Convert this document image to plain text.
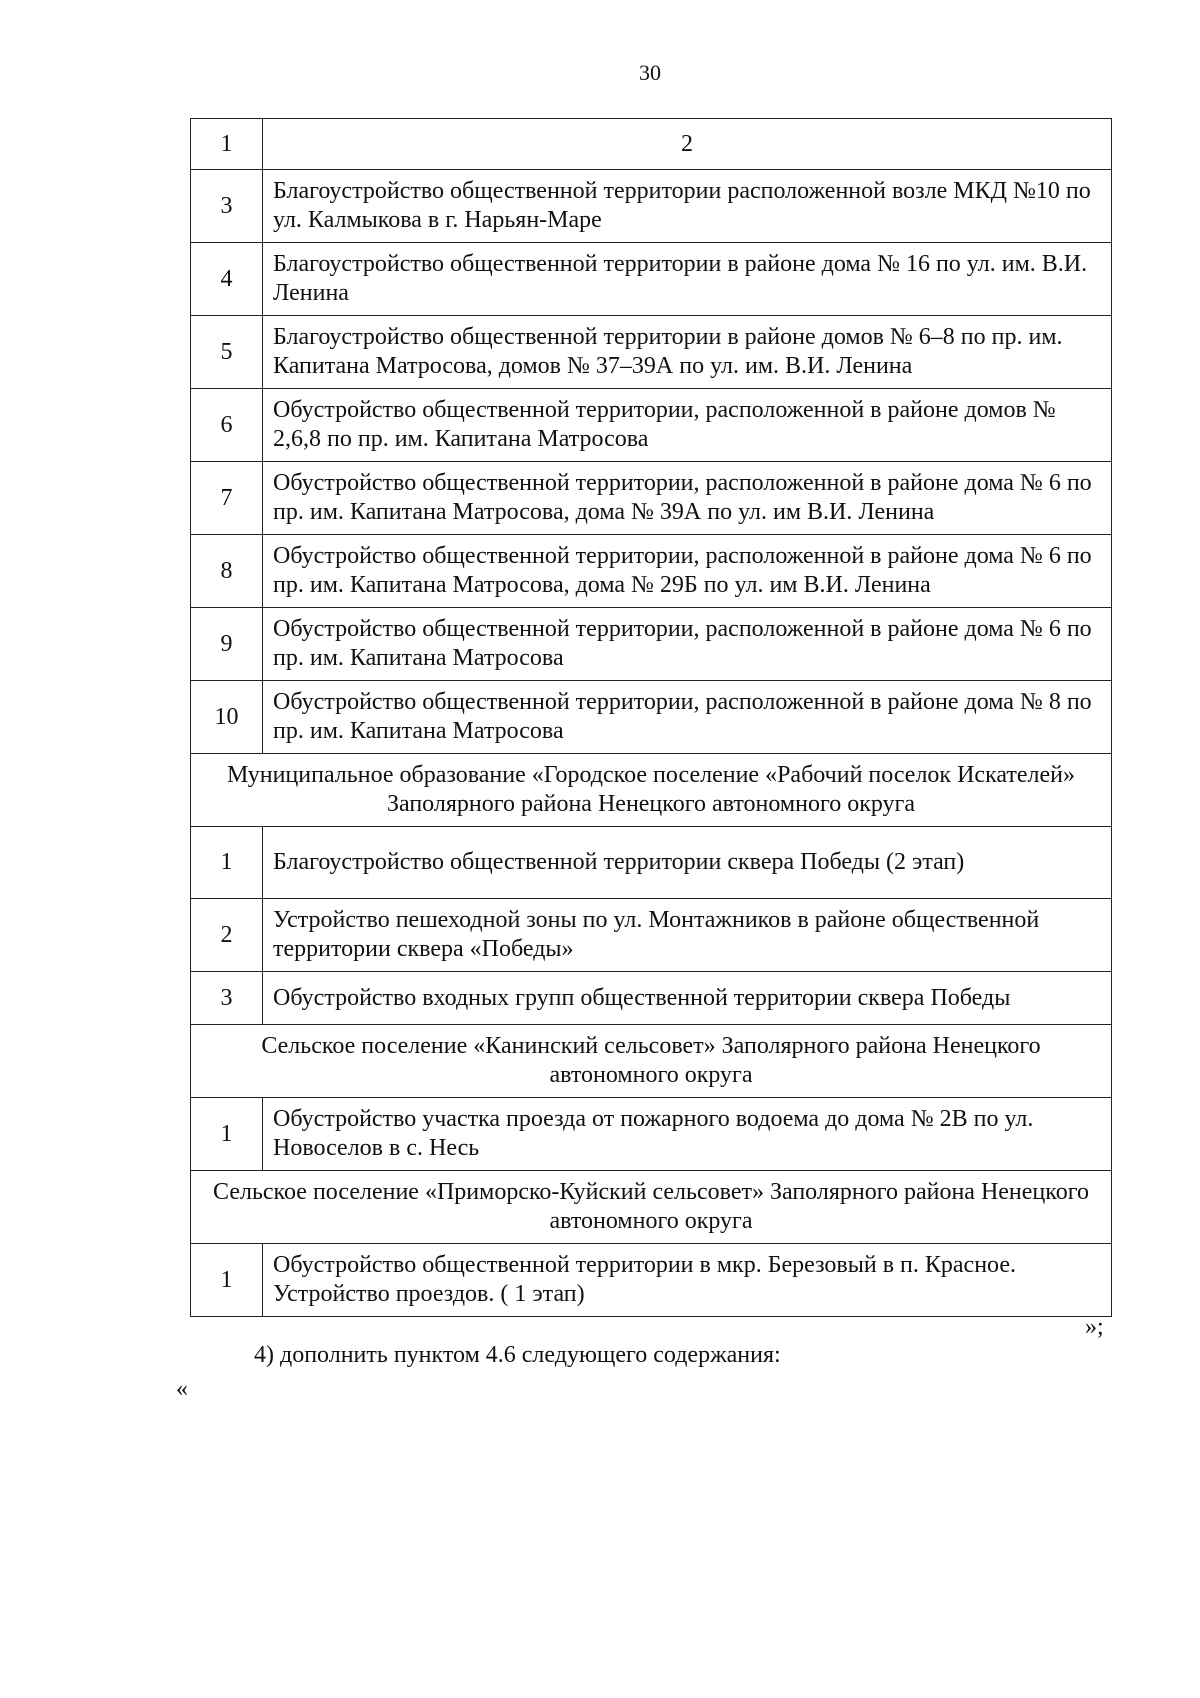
30
1	2
3	Благоустройство общественной территории расположенной возле МКД №10 по ул. Калмыкова в г. Нарьян-Маре
4	Благоустройство общественной территории в районе дома № 16 по ул. им. В.И. Ленина
5	Благоустройство общественной территории в районе домов № 6–8 по пр. им. Капитана Матросова, домов № 37–39А по ул. им. В.И. Ленина
6	Обустройство общественной территории, расположенной в районе домов № 2,6,8 по пр. им. Капитана Матросова
7	Обустройство общественной территории, расположенной в районе дома № 6 по пр. им. Капитана Матросова, дома № 39А по ул. им В.И. Ленина
8	Обустройство общественной территории, расположенной в районе дома № 6 по пр. им. Капитана Матросова, дома № 29Б по ул. им В.И. Ленина
9	Обустройство общественной территории, расположенной в районе дома № 6 по пр. им. Капитана Матросова
10	Обустройство общественной территории, расположенной в районе дома № 8 по пр. им. Капитана Матросова
Муниципальное образование «Городское поселение «Рабочий поселок Искателей» Заполярного района Ненецкого автономного округа	
1	Благоустройство общественной территории сквера Победы (2 этап)
2	Устройство пешеходной зоны по ул. Монтажников в районе общественной территории сквера «Победы»
3	Обустройство входных групп общественной территории сквера Победы
Сельское поселение «Канинский сельсовет» Заполярного района Ненецкого автономного округа	
1	Обустройство участка проезда от пожарного водоема до дома № 2В по ул. Новоселов в с. Несь
Сельское поселение «Приморско-Куйский сельсовет» Заполярного района Ненецкого автономного округа	
1	Обустройство общественной территории в мкр. Березовый в п. Красное. Устройство проездов. ( 1 этап)
»;
4) дополнить пунктом 4.6 следующего содержания:
«
